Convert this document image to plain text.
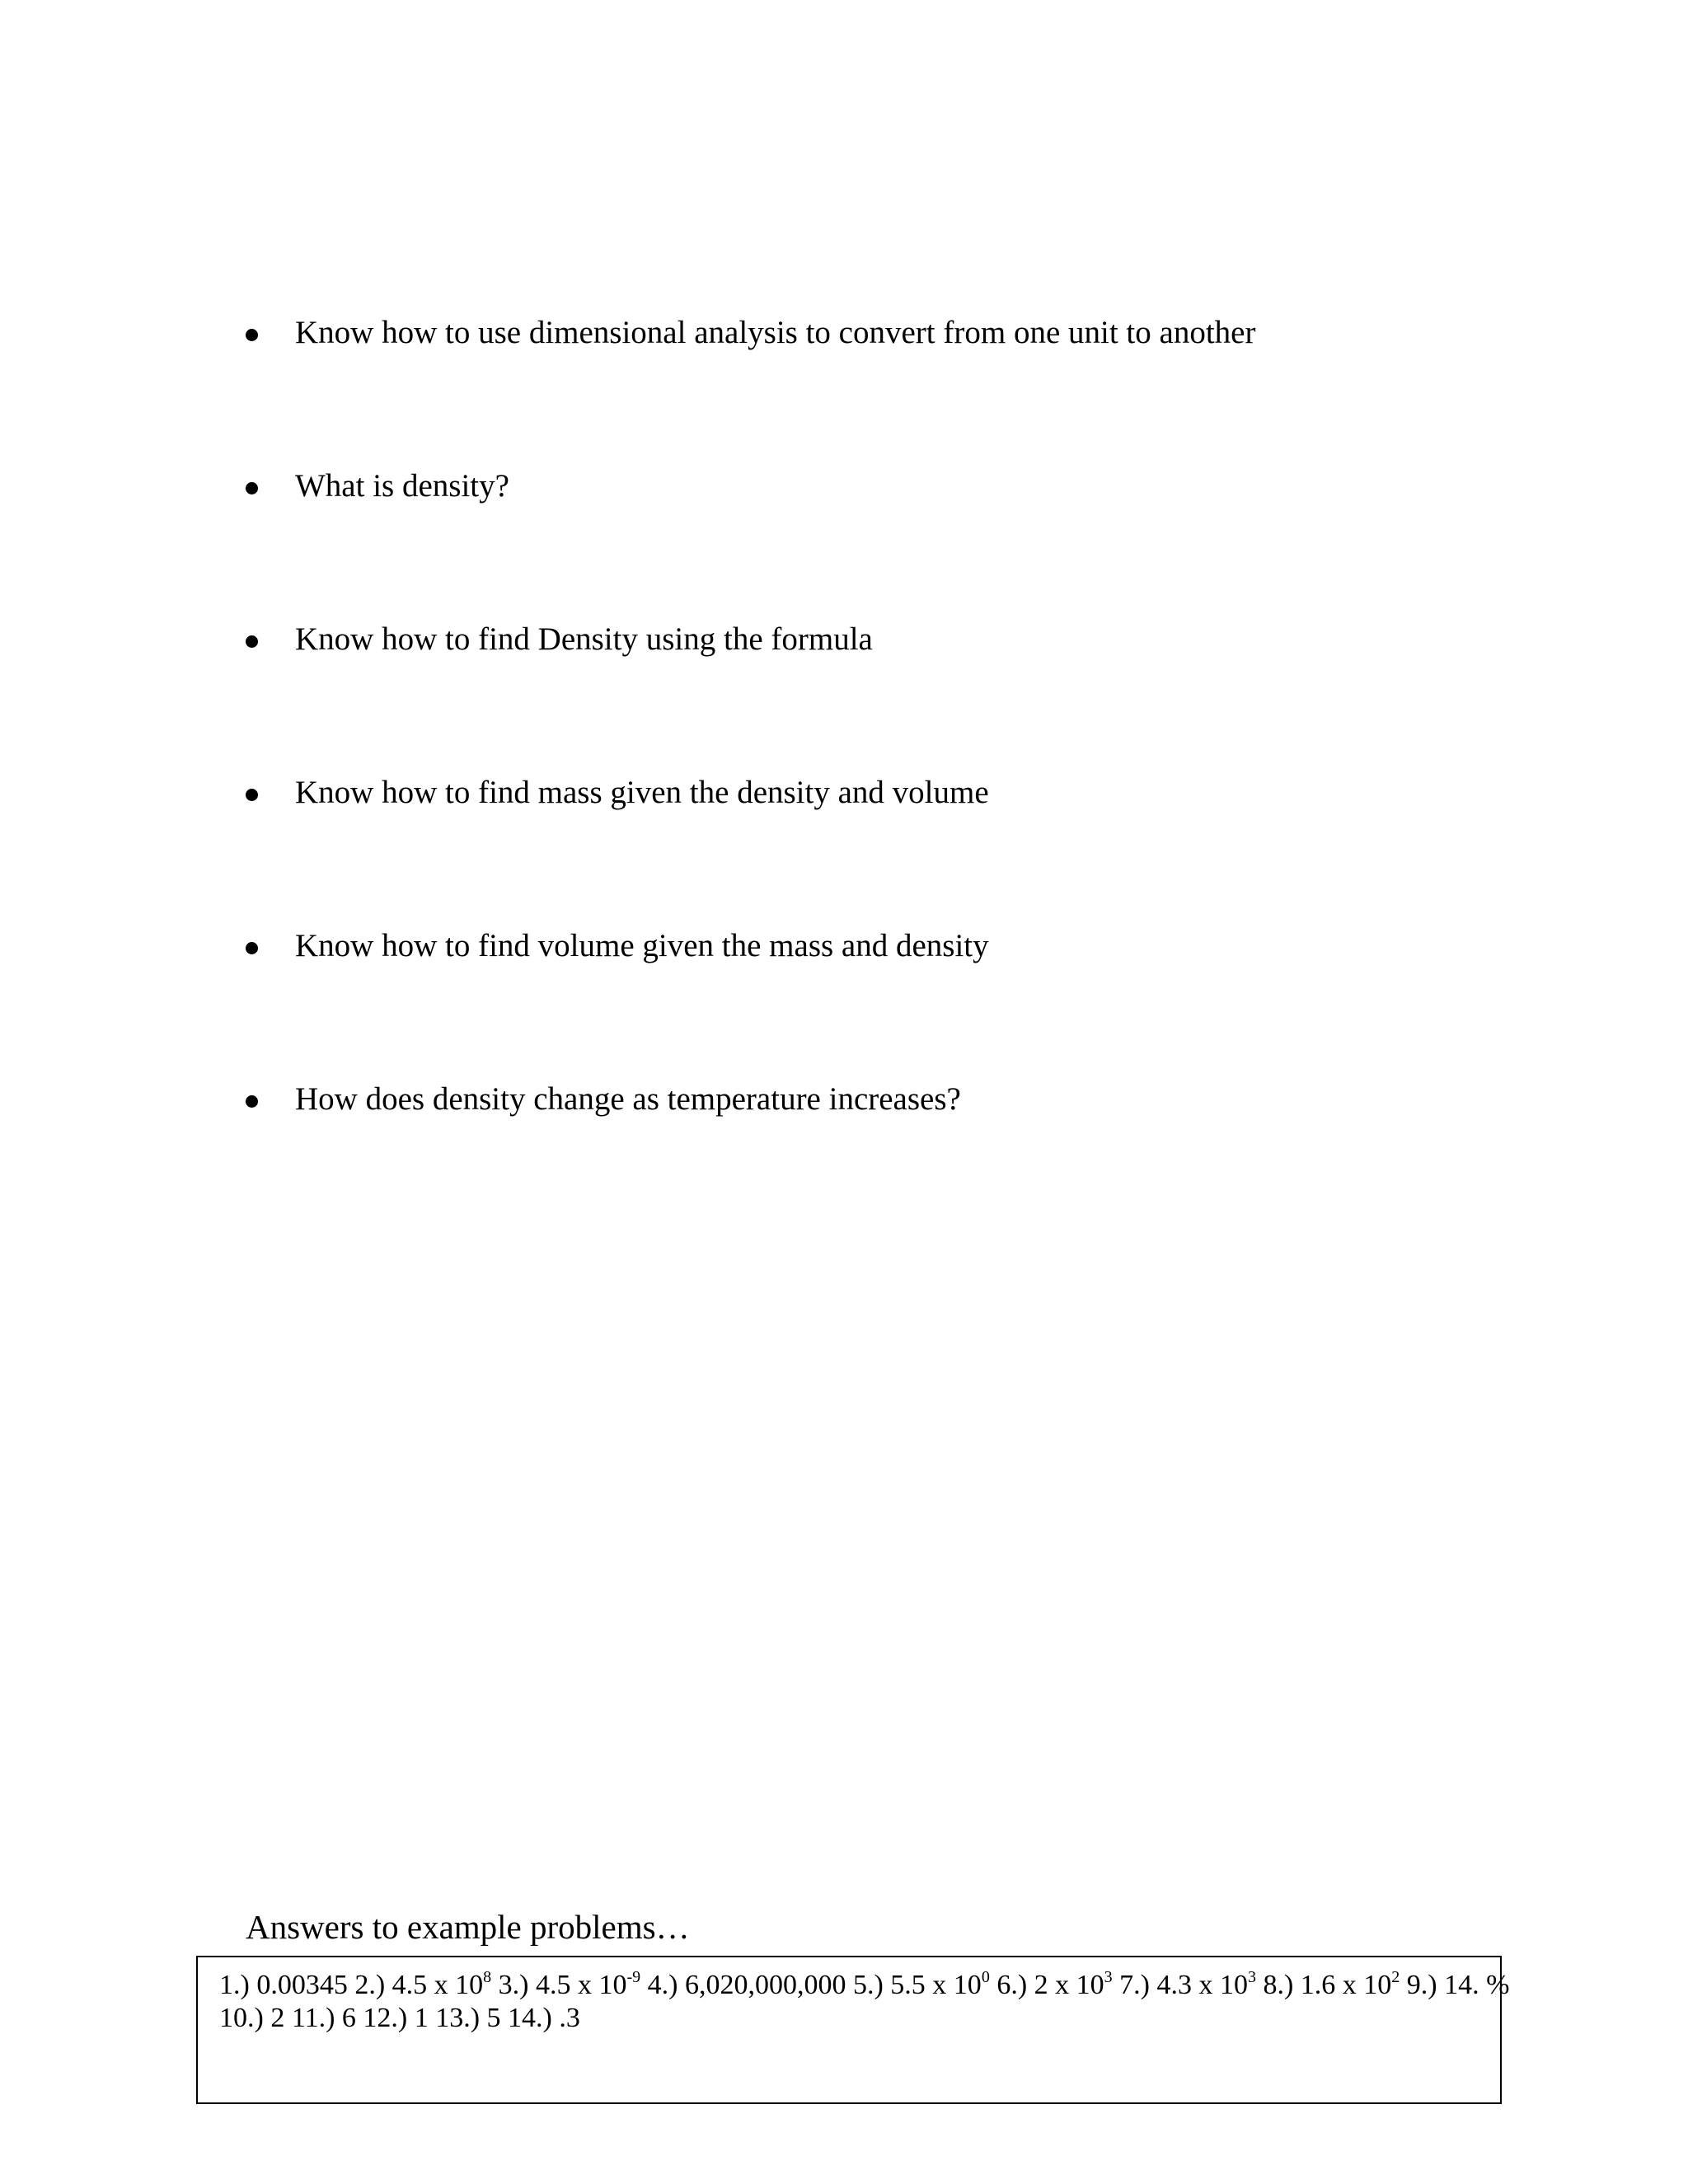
Know how to use dimensional analysis to convert from one unit to another
What is density?
Know how to find Density using the formula
Know how to find mass given the density and volume
Know how to find volume given the mass and density
How does density change as temperature increases?
Answers to example problems…
1.) 0.00345 2.) 4.5 x $10^8$ 3.) 4.5 x $10^{-9}$ 4.) 6,020,000,000 5.) 5.5 x $10^0$ 6.) 2 x $10^3$ 7.) 4.3 x $10^3$ 8.) 1.6 x $10^2$ 9.) 14. %
10.) 2 11.) 6 12.) 1 13.) 5 14.) .3
